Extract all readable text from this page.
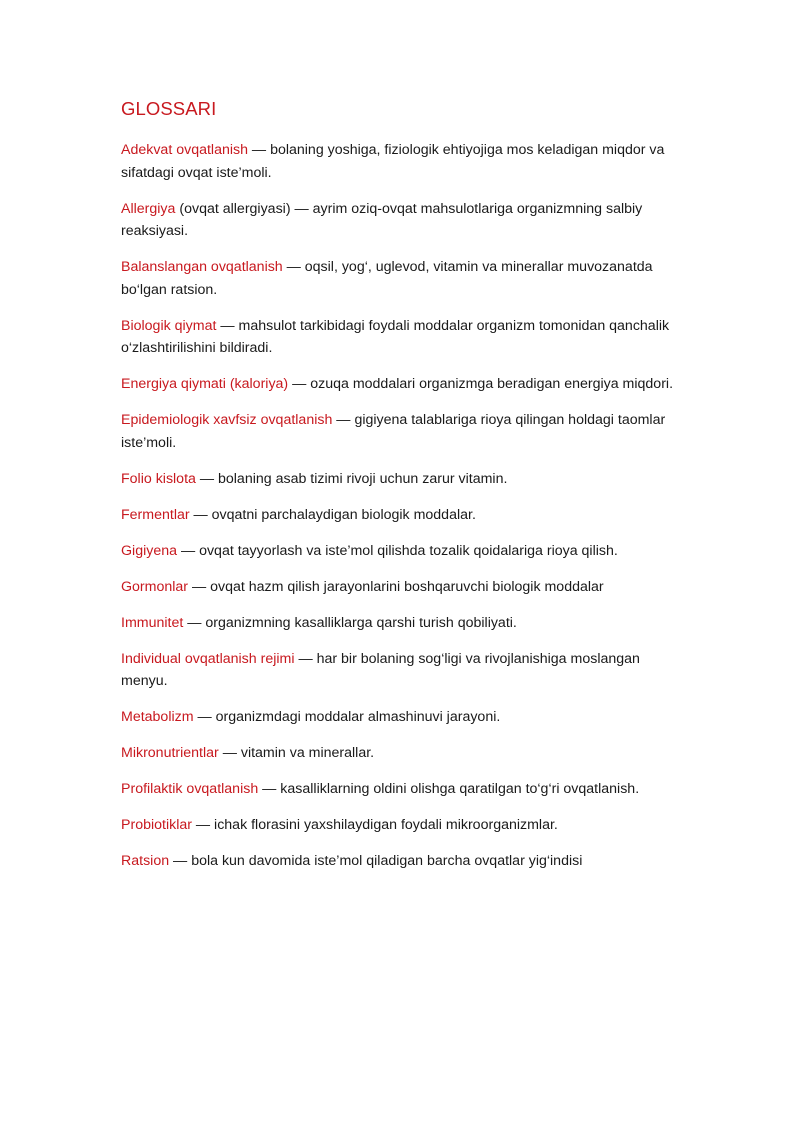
GLOSSARI
Adekvat ovqatlanish — bolaning yoshiga, fiziologik ehtiyojiga mos keladigan miqdor va sifatdagi ovqat iste’moli.
Allergiya (ovqat allergiyasi) — ayrim oziq-ovqat mahsulotlariga organizmning salbiy reaksiyasi.
Balanslangan ovqatlanish — oqsil, yog‘, uglevod, vitamin va minerallar muvozanatda bo‘lgan ratsion.
Biologik qiymat — mahsulot tarkibidagi foydali moddalar organizm tomonidan qanchalik o‘zlashtirilishini bildiradi.
Energiya qiymati (kaloriya) — ozuqa moddalari organizmga beradigan energiya miqdori.
Epidemiologik xavfsiz ovqatlanish — gigiyena talablariga rioya qilingan holdagi taomlar iste’moli.
Folio kislota — bolaning asab tizimi rivoji uchun zarur vitamin.
Fermentlar — ovqatni parchalaydigan biologik moddalar.
Gigiyena — ovqat tayyorlash va iste’mol qilishda tozalik qoidalariga rioya qilish.
Gormonlar — ovqat hazm qilish jarayonlarini boshqaruvchi biologik moddalar
Immunitet — organizmning kasalliklarga qarshi turish qobiliyati.
Individual ovqatlanish rejimi — har bir bolaning sog‘ligi va rivojlanishiga moslangan menyu.
Metabolizm — organizmdagi moddalar almashinuvi jarayoni.
Mikronutrientlar — vitamin va minerallar.
Profilaktik ovqatlanish — kasalliklarning oldini olishga qaratilgan to‘g‘ri ovqatlanish.
Probiotiklar — ichak florasini yaxshilaydigan foydali mikroorganizmlar.
Ratsion — bola kun davomida iste’mol qiladigan barcha ovqatlar yig‘indisi
